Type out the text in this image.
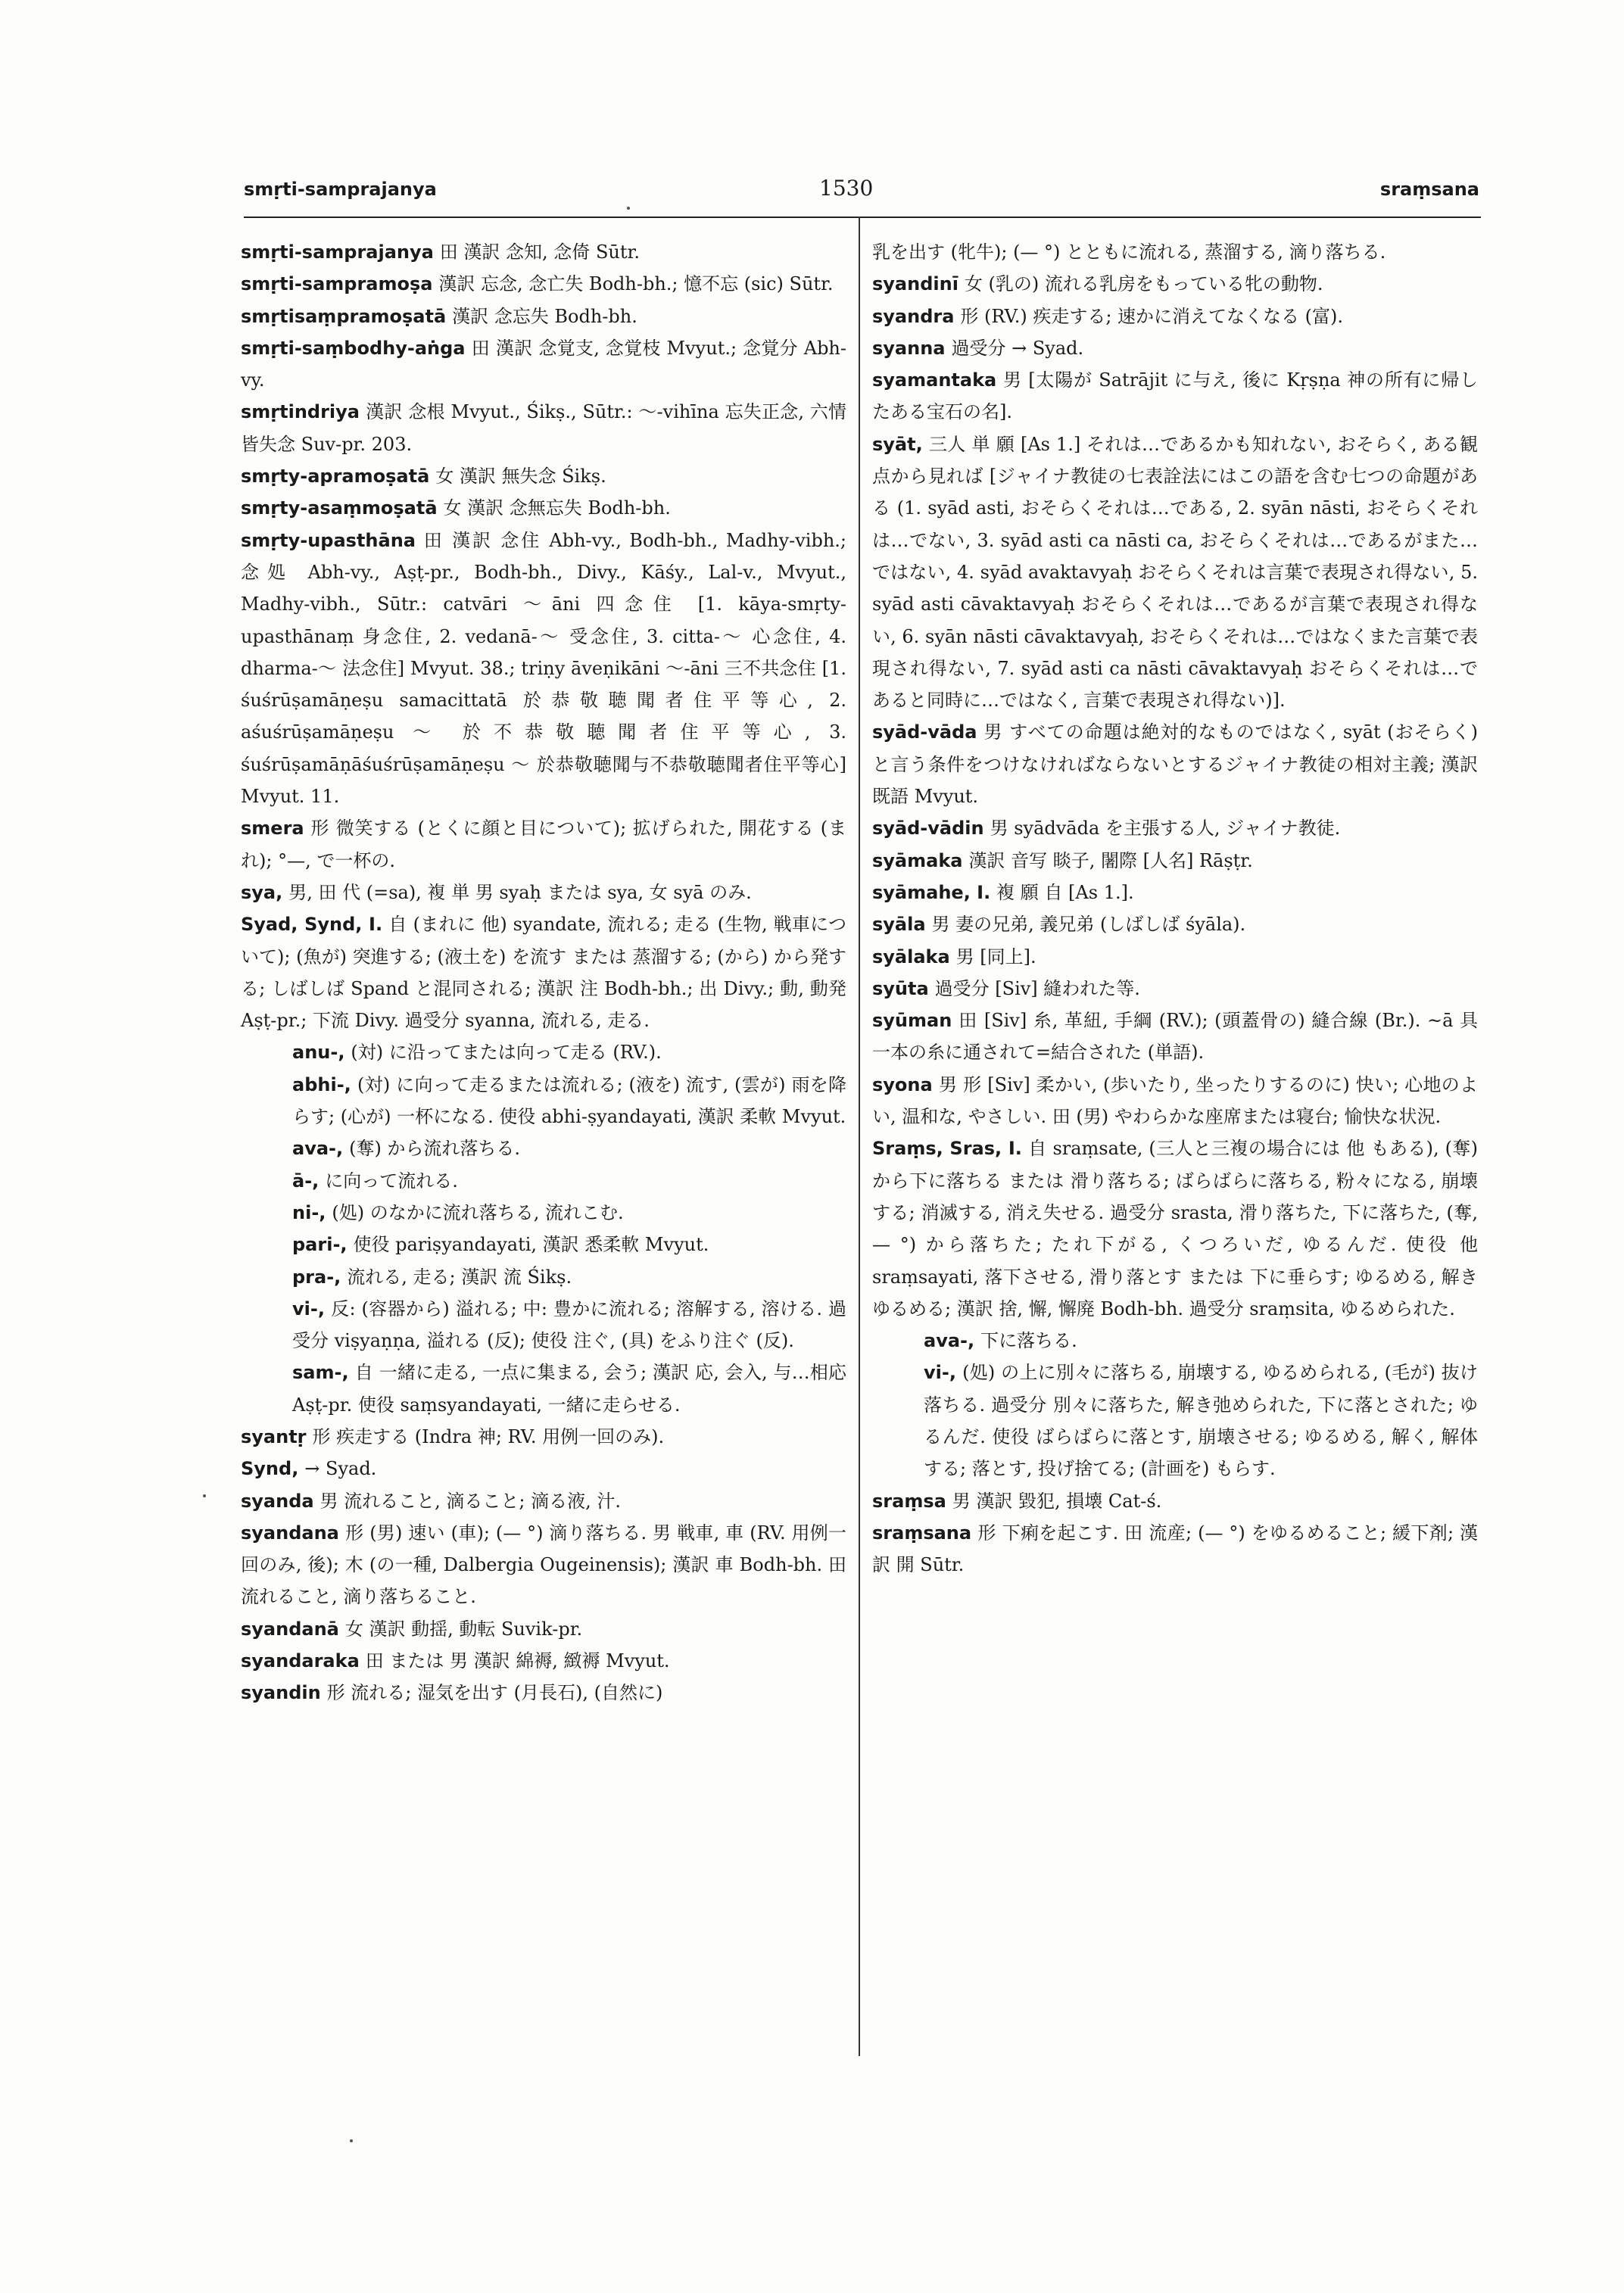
smṛti-samprajanya	1530	sraṃsana

smṛti-samprajanya 田 漢訳 念知, 念倚 Sūtr.

smṛti-sampramoṣa 漢訳 忘念, 念亡失 Bodh-bh.; 憶不忘 (sic) Sūtr.

smṛtisaṃpramoṣatā 漢訳 念忘失 Bodh-bh.

smṛti-saṃbodhy-aṅga 田 漢訳 念覚支, 念覚枝 Mvyut.; 念覚分 Abh-vy.

smṛtindriya 漢訳 念根 Mvyut., Śikṣ., Sūtr.: ～-vihīna 忘失正念, 六情皆失念 Suv-pr. 203.

smṛty-apramoṣatā 女 漢訳 無失念 Śikṣ.

smṛty-asaṃmoṣatā 女 漢訳 念無忘失 Bodh-bh.

smṛty-upasthāna 田 漢訳 念住 Abh-vy., Bodh-bh., Madhy-vibh.; 念処 Abh-vy., Aṣṭ-pr., Bodh-bh., Divy., Kāśy., Lal-v., Mvyut., Madhy-vibh., Sūtr.: catvāri ～āni 四念住 [1. kāya-smṛty-upasthānaṃ 身念住, 2. vedanā-～ 受念住, 3. citta-～ 心念住, 4. dharma-～ 法念住] Mvyut. 38.; triṇy āveṇikāni ～-āni 三不共念住 [1. śuśrūṣamāṇeṣu samacittatā 於恭敬聴聞者住平等心, 2. aśuśrūṣamāṇeṣu ～ 於不恭敬聴聞者住平等心, 3. śuśrūṣamāṇāśuśrūṣamāṇeṣu ～ 於恭敬聴聞与不恭敬聴聞者住平等心] Mvyut. 11.

smera 形 微笑する (とくに顔と目について); 拡げられた, 開花する (まれ); °—, で一杯の.

sya, 男, 田 代 (=sa), 複 単 男 syaḥ または sya, 女 syā のみ.

Syad, Synd, I. 自 (まれに 他) syandate, 流れる; 走る (生物, 戦車について); (魚が) 突進する; (液土を) を流す または 蒸溜する; (から) から発する; しばしば Spand と混同される; 漢訳 注 Bodh-bh.; 出 Divy.; 動, 動発 Aṣṭ-pr.; 下流 Divy. 過受分 syanna, 流れる, 走る.

anu-, (対) に沿ってまたは向って走る (RV.).

abhi-, (対) に向って走るまたは流れる; (液を) 流す, (雲が) 雨を降らす; (心が) 一杯になる. 使役 abhi-ṣyandayati, 漢訳 柔軟 Mvyut.

ava-, (奪) から流れ落ちる.

ā-, に向って流れる.

ni-, (処) のなかに流れ落ちる, 流れこむ.

pari-, 使役 pariṣyandayati, 漢訳 悉柔軟 Mvyut.

pra-, 流れる, 走る; 漢訳 流 Śikṣ.

vi-, 反: (容器から) 溢れる; 中: 豊かに流れる; 溶解する, 溶ける. 過受分 viṣyaṇṇa, 溢れる (反); 使役 注ぐ, (具) をふり注ぐ (反).

sam-, 自 一緒に走る, 一点に集まる, 会う; 漢訳 応, 会入, 与…相応 Aṣṭ-pr. 使役 saṃsyandayati, 一緒に走らせる.

syantṛ 形 疾走する (Indra 神; RV. 用例一回のみ).

Synd, → Syad.

syanda 男 流れること, 滴ること; 滴る液, 汁.

syandana 形 (男) 速い (車); (— °) 滴り落ちる. 男 戦車, 車 (RV. 用例一回のみ, 後); 木 (の一種, Dalbergia Ougeinensis); 漢訳 車 Bodh-bh. 田 流れること, 滴り落ちること.

syandanā 女 漢訳 動揺, 動転 Suvik-pr.

syandaraka 田 または 男 漢訳 綿褥, 緻褥 Mvyut.

syandin 形 流れる; 湿気を出す (月長石), (自然に)

乳を出す (牝牛); (— °) とともに流れる, 蒸溜する, 滴り落ちる.

syandinī 女 (乳の) 流れる乳房をもっている牝の動物.

syandra 形 (RV.) 疾走する; 速かに消えてなくなる (富).

syanna 過受分 → Syad.

syamantaka 男 [太陽が Satrājit に与え, 後に Kṛṣṇa 神の所有に帰したある宝石の名].

syāt, 三人 単 願 [As 1.] それは…であるかも知れない, おそらく, ある観点から見れば [ジャイナ教徒の七表詮法にはこの語を含む七つの命題がある (1. syād asti, おそらくそれは…である, 2. syān nāsti, おそらくそれは…でない, 3. syād asti ca nāsti ca, おそらくそれは…であるがまた…ではない, 4. syād avaktavyaḥ おそらくそれは言葉で表現され得ない, 5. syād asti cāvaktavyaḥ おそらくそれは…であるが言葉で表現され得ない, 6. syān nāsti cāvaktavyaḥ, おそらくそれは…ではなくまた言葉で表現され得ない, 7. syād asti ca nāsti cāvaktavyaḥ おそらくそれは…であると同時に…ではなく, 言葉で表現され得ない)].

syād-vāda 男 すべての命題は絶対的なものではなく, syāt (おそらく) と言う条件をつけなければならないとするジャイナ教徒の相対主義; 漢訳 既語 Mvyut.

syād-vādin 男 syādvāda を主張する人, ジャイナ教徒.

syāmaka 漢訳 音写 睒子, 闍際 [人名] Rāṣṭr.

syāmahe, I. 複 願 自 [As 1.].

syāla 男 妻の兄弟, 義兄弟 (しばしば śyāla).

syālaka 男 [同上].

syūta 過受分 [Siv] 縫われた等.

syūman 田 [Siv] 糸, 革紐, 手綱 (RV.); (頭蓋骨の) 縫合線 (Br.). ~ā 具 一本の糸に通されて=結合された (単語).

syona 男 形 [Siv] 柔かい, (歩いたり, 坐ったりするのに) 快い; 心地のよい, 温和な, やさしい. 田 (男) やわらかな座席または寝台; 愉快な状況.

Sraṃs, Sras, I. 自 sraṃsate, (三人と三複の場合には 他 もある), (奪) から下に落ちる または 滑り落ちる; ばらばらに落ちる, 粉々になる, 崩壊する; 消滅する, 消え失せる. 過受分 srasta, 滑り落ちた, 下に落ちた, (奪, — °) から落ちた; たれ下がる, くつろいだ, ゆるんだ. 使役 他 sraṃsayati, 落下させる, 滑り落とす または 下に垂らす; ゆるめる, 解きゆるめる; 漢訳 捨, 懈, 懈廃 Bodh-bh. 過受分 sraṃsita, ゆるめられた.

ava-, 下に落ちる.

vi-, (処) の上に別々に落ちる, 崩壊する, ゆるめられる, (毛が) 抜け落ちる. 過受分 別々に落ちた, 解き弛められた, 下に落とされた; ゆるんだ. 使役 ばらばらに落とす, 崩壊させる; ゆるめる, 解く, 解体する; 落とす, 投げ捨てる; (計画を) もらす.

sraṃsa 男 漢訳 毀犯, 損壊 Cat-ś.

sraṃsana 形 下痢を起こす. 田 流産; (— °) をゆるめること; 緩下剤; 漢訳 開 Sūtr.
